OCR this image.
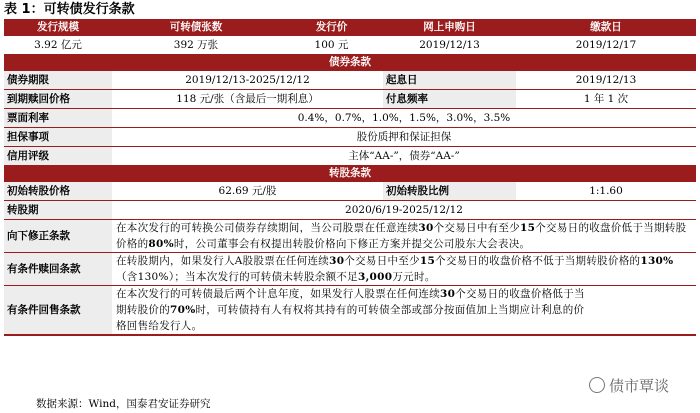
表 1：可转债发行条款
发行规模	可转债张数	发行价	网上申购日	缴款日
3.92 亿元	392 万张	100 元	2019/12/13	2019/12/17
债券条款				
债券期限	2019/12/13-2025/12/12		起息日	2019/12/13
到期赎回价格	118 元/张（含最后一期利息）		付息频率	1 年 1 次
票面利率	0.4%，0.7%，1.0%，1.5%，3.0%，3.5%			
担保事项	股份质押和保证担保			
信用评级	主体“AA-”，债券“AA-”			
转股条款				
初始转股价格	62.69 元/股		初始转股比例	1:1.60
转股期	2020/6/19-2025/12/12			
向下修正条款	在本次发行的可转换公司债券存续期间，当公司股票在任意连续30个交易日中有至少15个交易日的收盘价低于当期转股价格的80%时，公司董事会有权提出转股价格向下修正方案并提交公司股东大会表决。			
有条件赎回条款	在转股期内，如果发行人A股股票在任何连续30个交易日中至少15个交易日的收盘价格不低于当期转股价格的130%（含130%）；当本次发行的可转债未转股余额不足3,000万元时。			
有条件回售条款	在本次发行的可转债最后两个计息年度，如果发行人股票在任何连续30个交易日的收盘价格低于当期转股价的70%时，可转债持有人有权将其持有的可转债全部或部分按面值加上当期应计利息的价格回售给发行人。			
债市覃谈
数据来源：Wind，国泰君安证券研究
